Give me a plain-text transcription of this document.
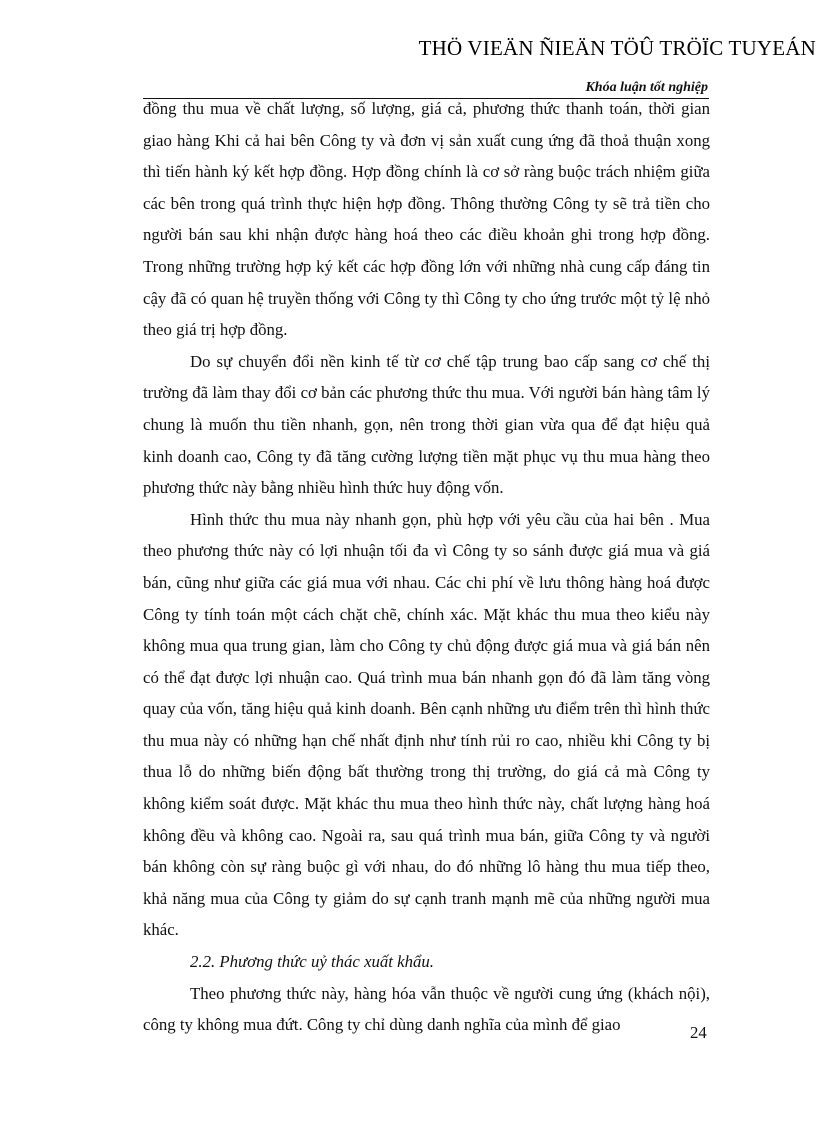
THÖ VIEÄN ÑIEÄN TÖÛ TRÖÏC TUYEÁN
Khóa luận tốt nghiệp

đồng thu mua về chất lượng, số lượng, giá cả, phương thức thanh toán, thời gian giao hàng Khi cả hai bên Công ty và đơn vị sản xuất cung ứng đã thoả thuận xong thì tiến hành ký kết hợp đồng. Hợp đồng chính là cơ sở ràng buộc trách nhiệm giữa các bên trong quá trình thực hiện hợp đồng. Thông thường Công ty sẽ trả tiền cho người bán sau khi nhận được hàng hoá theo các điều khoản ghi trong hợp đồng. Trong những trường hợp ký kết các hợp đồng lớn với những nhà cung cấp đáng tin cậy đã có quan hệ truyền thống với Công ty thì Công ty cho ứng trước một tỷ lệ nhỏ theo giá trị hợp đồng.

Do sự chuyển đổi nền kinh tế từ cơ chế tập trung bao cấp sang cơ chế thị trường đã làm thay đổi cơ bản các phương thức thu mua. Với người bán hàng tâm lý chung là muốn thu tiền nhanh, gọn, nên trong thời gian vừa qua để đạt hiệu quả kinh doanh cao, Công ty đã tăng cường lượng tiền mặt phục vụ thu mua hàng theo phương thức này bằng nhiều hình thức huy động vốn.

Hình thức thu mua này nhanh gọn, phù hợp với yêu cầu của hai bên . Mua theo phương thức này có lợi nhuận tối đa vì Công ty so sánh được giá mua và giá bán, cũng như giữa các giá mua với nhau. Các chi phí về lưu thông hàng hoá được Công ty tính toán một cách chặt chẽ, chính xác. Mặt khác thu mua theo kiểu này không mua qua trung gian, làm cho Công ty chủ động được giá mua và giá bán nên có thể đạt được lợi nhuận cao. Quá trình mua bán nhanh gọn đó đã làm tăng vòng quay của vốn, tăng hiệu quả kinh doanh. Bên cạnh những ưu điểm trên thì hình thức thu mua này có những hạn chế nhất định như tính rủi ro cao, nhiều khi Công ty bị thua lỗ do những biến động bất thường trong thị trường, do giá cả mà Công ty không kiểm soát được. Mặt khác thu mua theo hình thức này, chất lượng hàng hoá không đều và không cao. Ngoài ra, sau quá trình mua bán, giữa Công ty và người bán không còn sự ràng buộc gì với nhau, do đó những lô hàng thu mua tiếp theo, khả năng mua của Công ty giảm do sự cạnh tranh mạnh mẽ của những người mua khác.

2.2. Phương thức uỷ thác xuất khẩu.

Theo phương thức này, hàng hóa vẫn thuộc về người cung ứng (khách nội), công ty không mua đứt. Công ty chỉ dùng danh nghĩa của mình để giao	24
